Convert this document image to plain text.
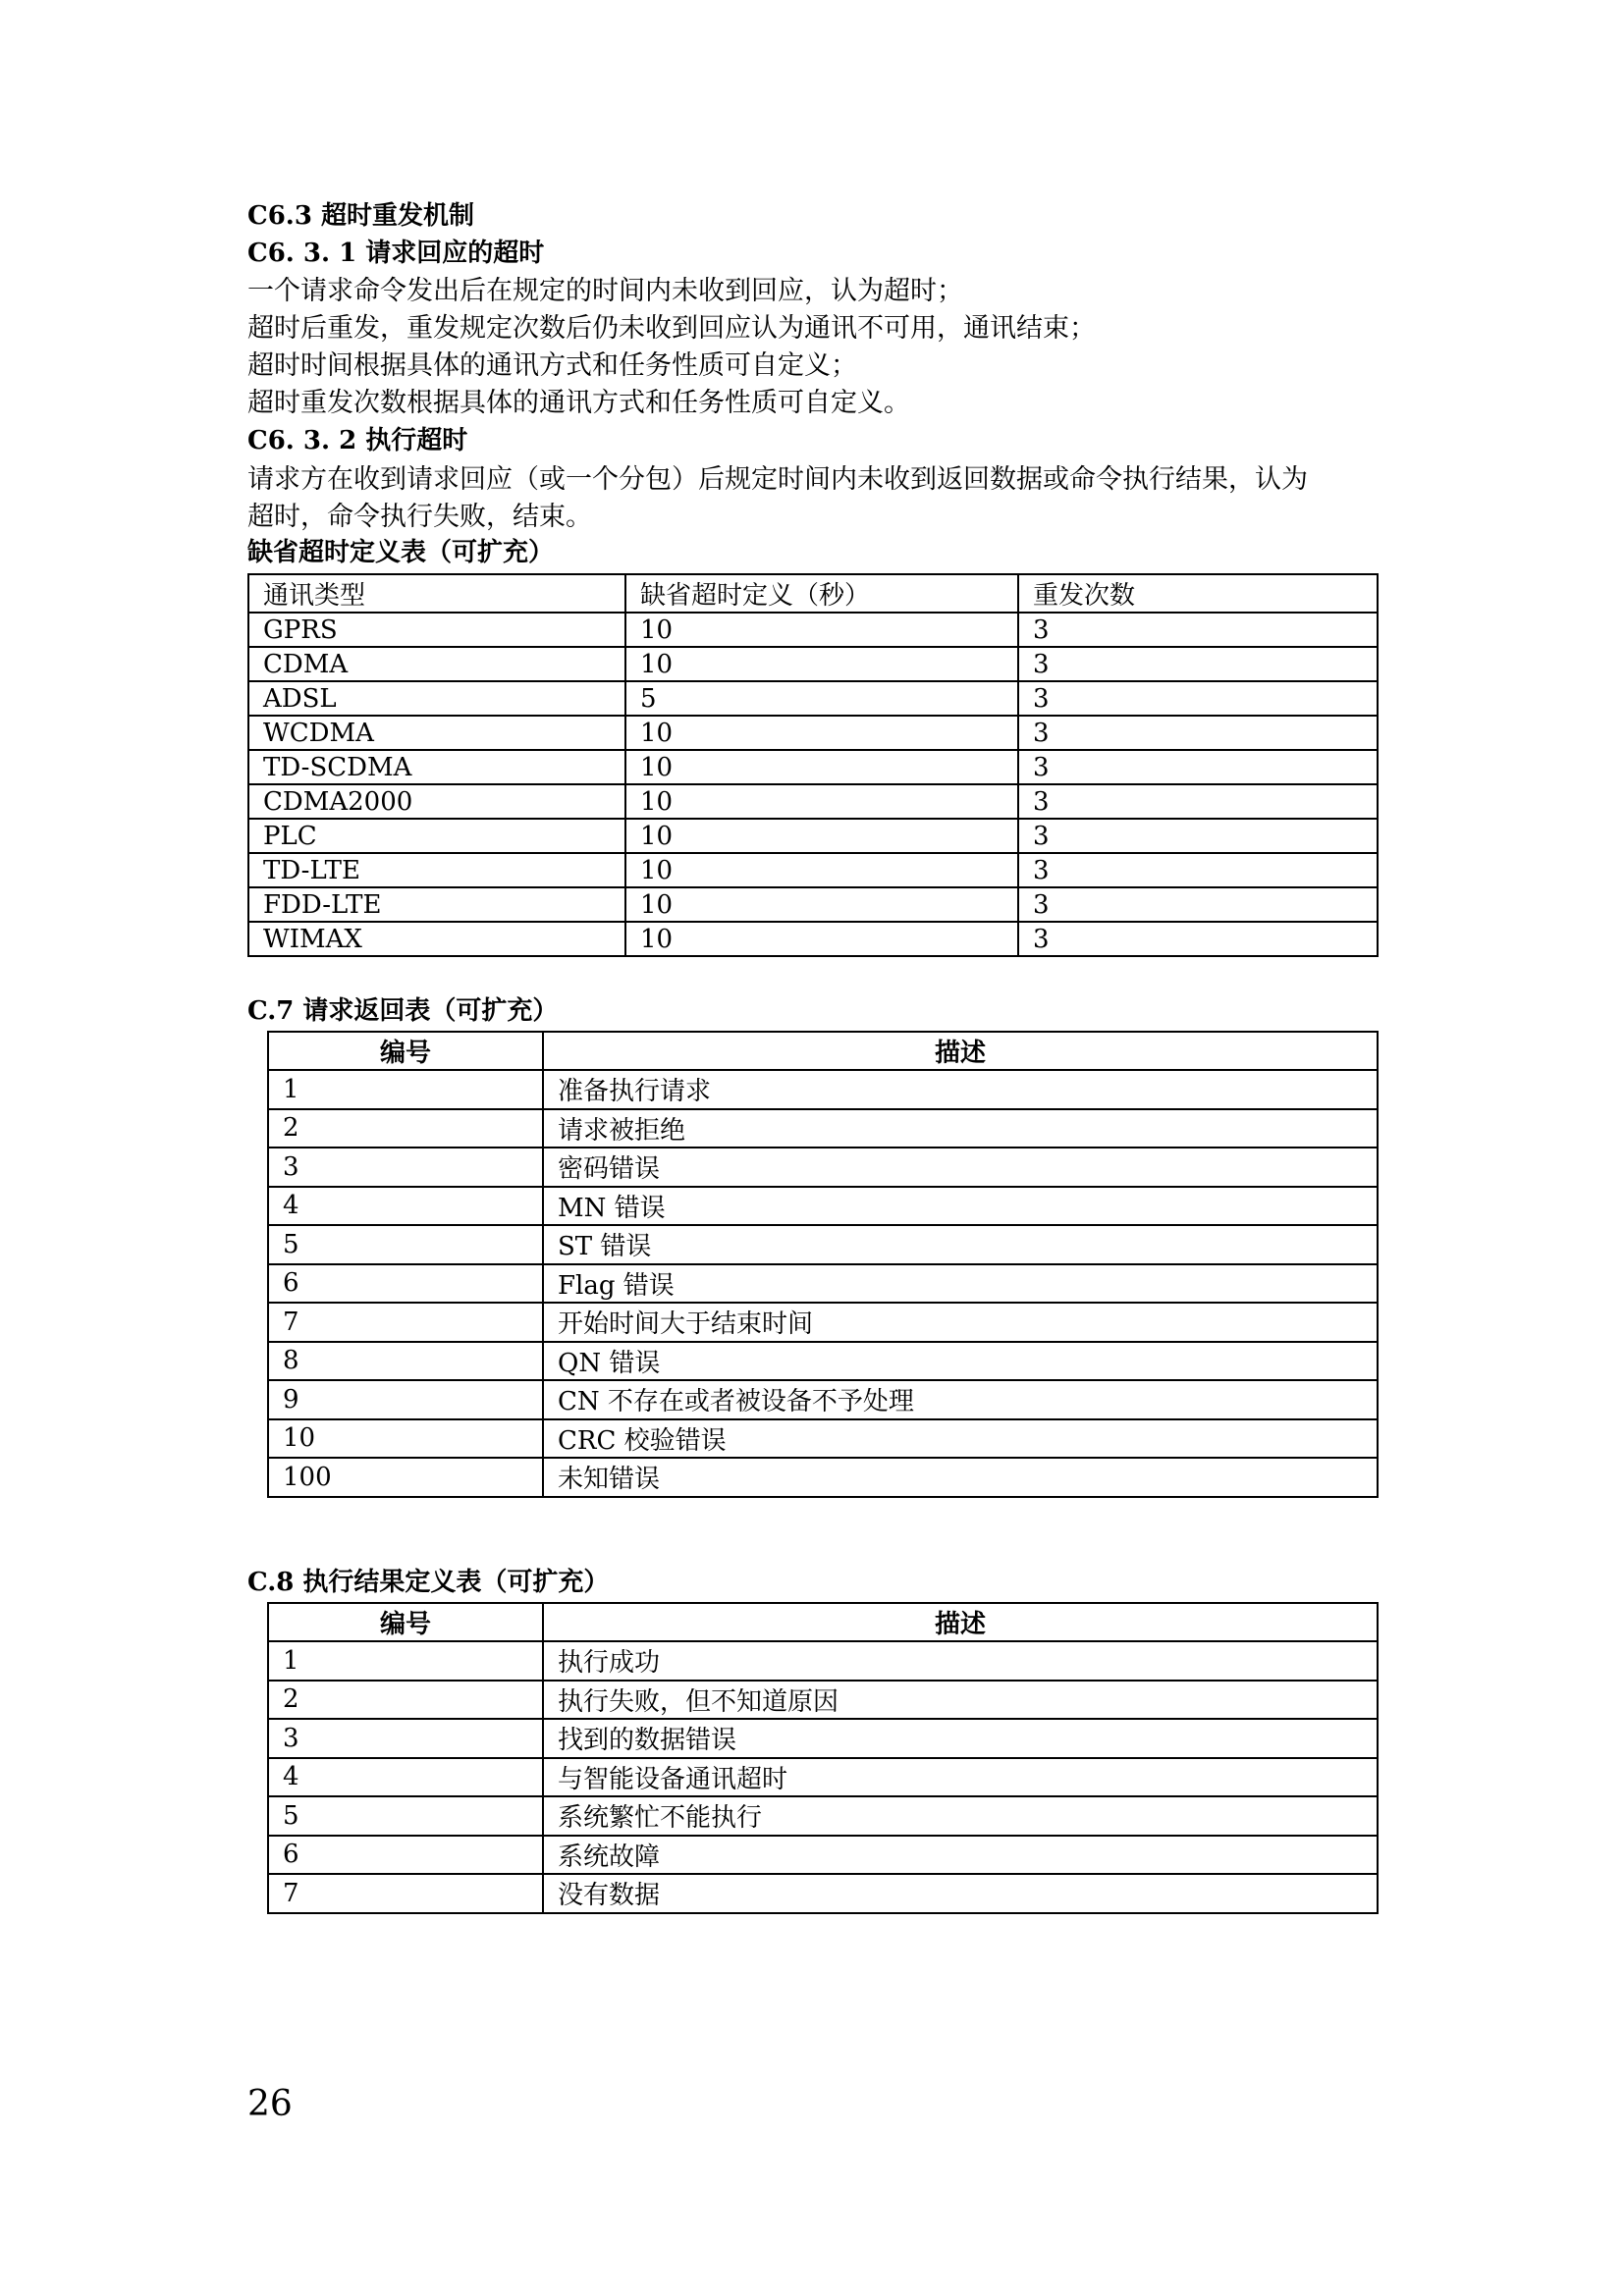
C6.3 超时重发机制
C6. 3. 1 请求回应的超时
一个请求命令发出后在规定的时间内未收到回应，认为超时；
超时后重发，重发规定次数后仍未收到回应认为通讯不可用，通讯结束；
超时时间根据具体的通讯方式和任务性质可自定义；
超时重发次数根据具体的通讯方式和任务性质可自定义。
C6. 3. 2 执行超时
请求方在收到请求回应（或一个分包）后规定时间内未收到返回数据或命令执行结果，认为
超时，命令执行失败，结束。
缺省超时定义表（可扩充）
通讯类型	缺省超时定义（秒）	重发次数
GPRS	10	3
CDMA	10	3
ADSL	5	3
WCDMA	10	3
TD-SCDMA	10	3
CDMA2000	10	3
PLC	10	3
TD-LTE	10	3
FDD-LTE	10	3
WIMAX	10	3
C.7 请求返回表（可扩充）
编号	描述
1	准备执行请求
2	请求被拒绝
3	密码错误
4	MN 错误
5	ST 错误
6	Flag 错误
7	开始时间大于结束时间
8	QN 错误
9	CN 不存在或者被设备不予处理
10	CRC 校验错误
100	未知错误
C.8 执行结果定义表（可扩充）
编号	描述
1	执行成功
2	执行失败，但不知道原因
3	找到的数据错误
4	与智能设备通讯超时
5	系统繁忙不能执行
6	系统故障
7	没有数据
26
